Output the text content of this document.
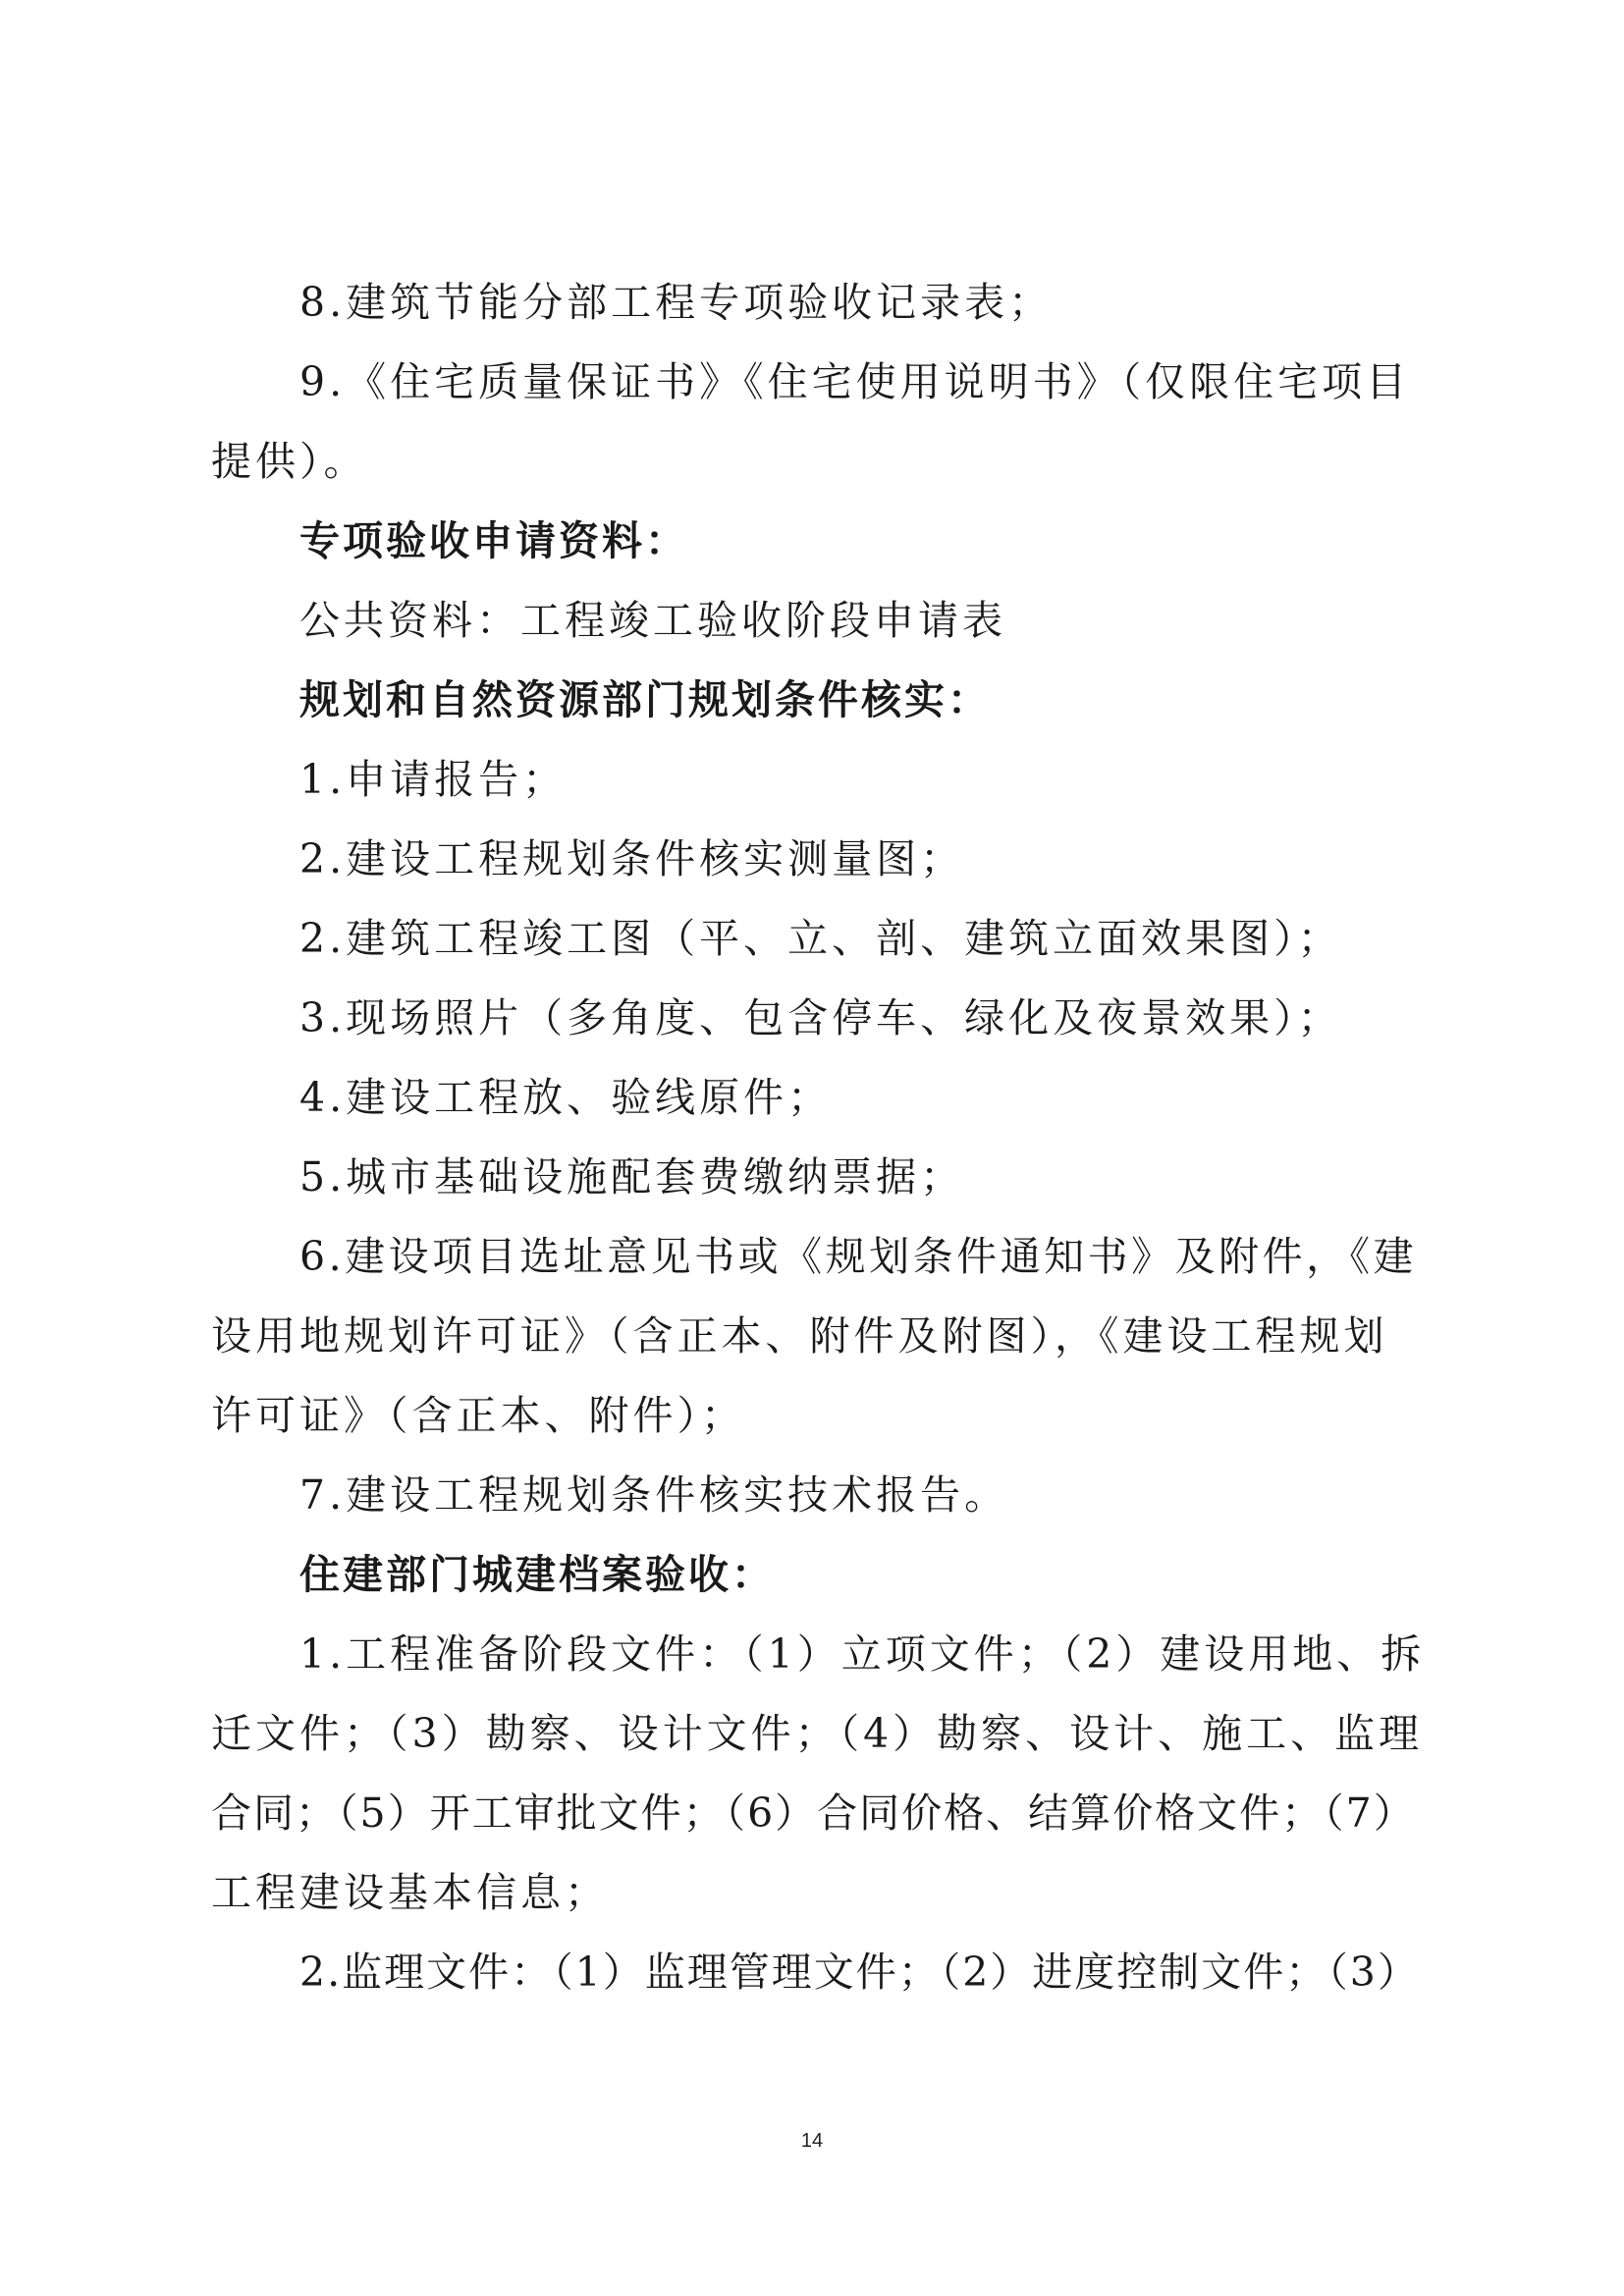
8.建筑节能分部工程专项验收记录表；
9.《住宅质量保证书》《住宅使用说明书》（仅限住宅项目
提供）。
专项验收申请资料：
公共资料：工程竣工验收阶段申请表
规划和自然资源部门规划条件核实：
1.申请报告；
2.建设工程规划条件核实测量图；
2.建筑工程竣工图（平、立、剖、建筑立面效果图）；
3.现场照片（多角度、包含停车、绿化及夜景效果）；
4.建设工程放、验线原件；
5.城市基础设施配套费缴纳票据；
6.建设项目选址意见书或《规划条件通知书》及附件，《建
设用地规划许可证》（含正本、附件及附图），《建设工程规划
许可证》（含正本、附件）；
7.建设工程规划条件核实技术报告。
住建部门城建档案验收：
1.工程准备阶段文件：（1）立项文件；（2）建设用地、拆
迁文件；（3）勘察、设计文件；（4）勘察、设计、施工、监理
合同；（5）开工审批文件；（6）合同价格、结算价格文件；（7）
工程建设基本信息；
2.监理文件：（1）监理管理文件；（2）进度控制文件；（3）
14
